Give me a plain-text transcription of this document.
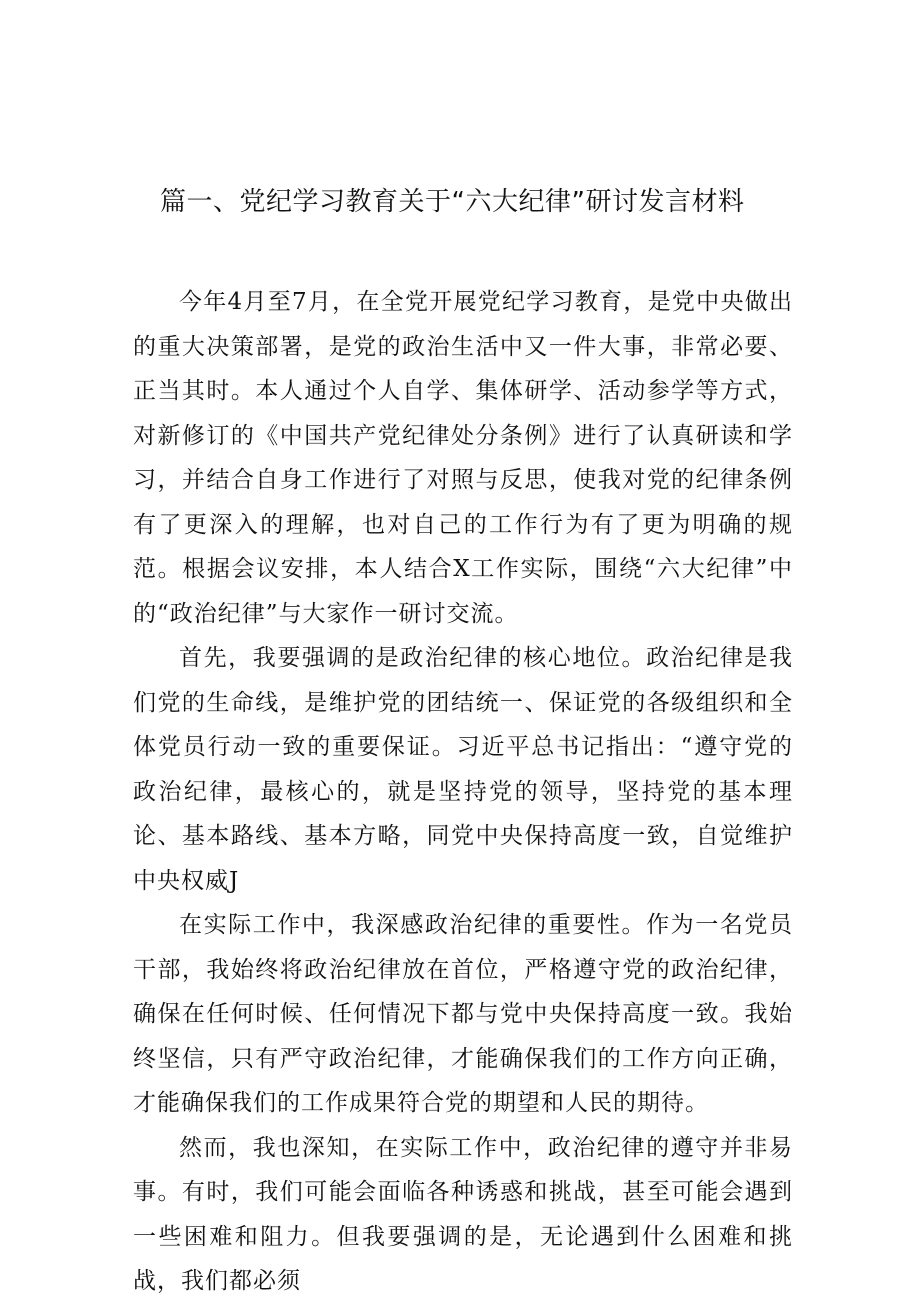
篇一、党纪学习教育关于“六大纪律”研讨发言材料

今年4月至7月，在全党开展党纪学习教育，是党中央做出的重大决策部署，是党的政治生活中又一件大事，非常必要、正当其时。本人通过个人自学、集体研学、活动参学等方式，对新修订的《中国共产党纪律处分条例》进行了认真研读和学习，并结合自身工作进行了对照与反思，使我对党的纪律条例有了更深入的理解，也对自己的工作行为有了更为明确的规范。根据会议安排，本人结合X工作实际，围绕“六大纪律”中的“政治纪律”与大家作一研讨交流。

首先，我要强调的是政治纪律的核心地位。政治纪律是我们党的生命线，是维护党的团结统一、保证党的各级组织和全体党员行动一致的重要保证。习近平总书记指出：“遵守党的政治纪律，最核心的，就是坚持党的领导，坚持党的基本理论、基本路线、基本方略，同党中央保持高度一致，自觉维护中央权威J

在实际工作中，我深感政治纪律的重要性。作为一名党员干部，我始终将政治纪律放在首位，严格遵守党的政治纪律，确保在任何时候、任何情况下都与党中央保持高度一致。我始终坚信，只有严守政治纪律，才能确保我们的工作方向正确，才能确保我们的工作成果符合党的期望和人民的期待。

然而，我也深知，在实际工作中，政治纪律的遵守并非易事。有时，我们可能会面临各种诱惑和挑战，甚至可能会遇到一些困难和阻力。但我要强调的是，无论遇到什么困难和挑战，我们都必须
